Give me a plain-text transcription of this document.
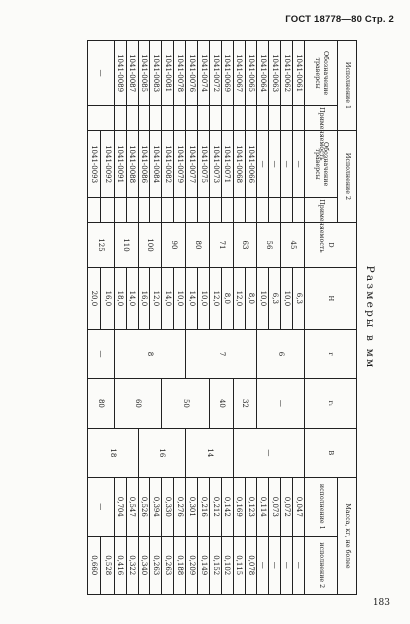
ГОСТ 18778—80 Стр. 2
Размеры в мм
Исполнение 1		Исполнение 2		D	H	r	r₁	B	Масса, кг, не более	
Обозначение траверсы	Применяемость	Обозначение траверсы	Применяемость						исполнение 1	исполнение 2
1041-0061		—		45	6,3	6	—	—	0,047	—
1041-0062		—			10,0				0,072	—
1041-0063		—		56	6,3				0,073	—
1041-0064		—			10,0				0,114	—
1041-0065		1041-0066		63	8,0	7	32		0,123	0,078
1041-0067		1041-0068			12,0				0,169	0,115
1041-0069		1041-0071		71	8,0		40	14	0,142	0,102
1041-0072		1041-0073			12,0				0,212	0,152
1041-0074		1041-0075		80	10,0		50		0,216	0,149
1041-0076		1041-0077			14,0				0,301	0,209
1041-0078		1041-0079		90	10,0	8		16	0,276	0,188
1041-0081		1041-0082			14,0				0,330	0,263
1041-0083		1041-0084		100	12,0		60		0,394	0,263
1041-0085		1041-0086			16,0				0,526	0,340
1041-0087		1041-0088		110	14,0			18	0,547	0,322
1041-0089		1041-0091			18,0				0,704	0,416
—		1041-0092		125	16,0	—	80		—	0,528
		1041-0093			20,0					0,660
183
